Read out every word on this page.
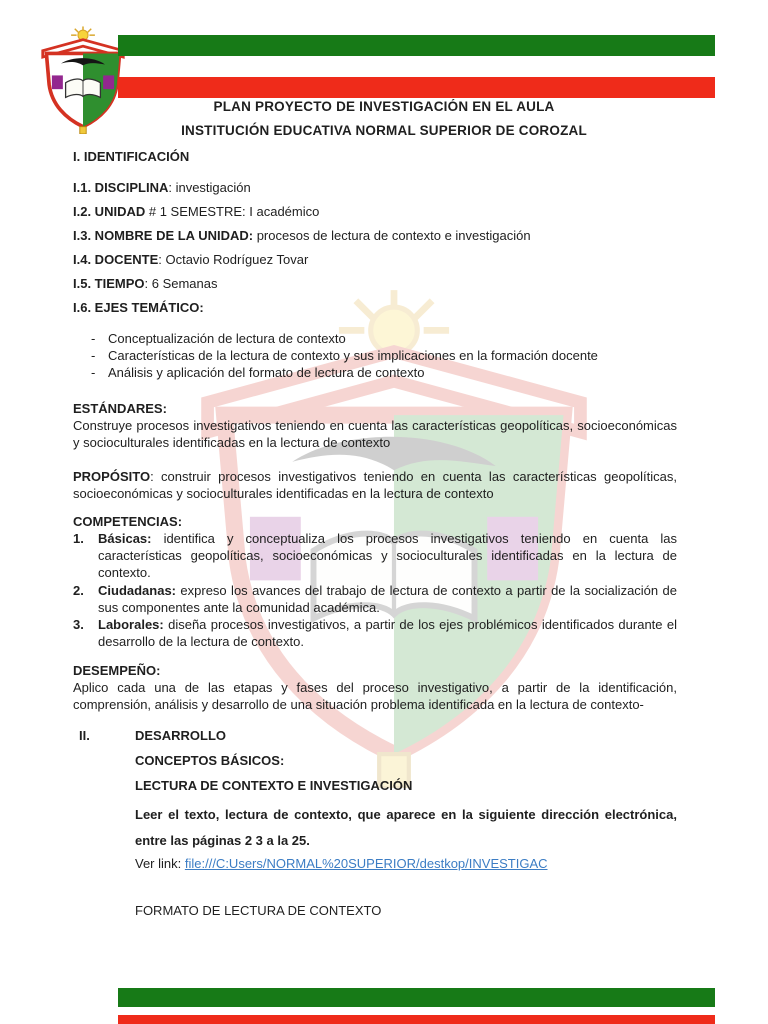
PLAN PROYECTO DE INVESTIGACIÓN EN EL AULA
INSTITUCIÓN EDUCATIVA NORMAL SUPERIOR DE COROZAL
I. IDENTIFICACIÓN
I.1. DISCIPLINA: investigación
I.2. UNIDAD # 1 SEMESTRE: I académico
I.3. NOMBRE DE LA UNIDAD: procesos de lectura de contexto e investigación
I.4. DOCENTE: Octavio Rodríguez Tovar
I.5. TIEMPO: 6 Semanas
I.6. EJES TEMÁTICO:
- Conceptualización de lectura de contexto
- Características de la lectura de contexto y sus implicaciones en la formación docente
- Análisis y aplicación del formato de lectura de contexto
ESTÁNDARES:
Construye procesos investigativos teniendo en cuenta las características geopolíticas, socioeconómicas y socioculturales identificadas en la lectura de contexto
PROPÓSITO: construir procesos investigativos teniendo en cuenta las características geopolíticas, socioeconómicas y socioculturales identificadas en la lectura de contexto
COMPETENCIAS:
1. Básicas: identifica y conceptualiza los procesos investigativos teniendo en cuenta las características geopolíticas, socioeconómicas y socioculturales identificadas en la lectura de contexto.
2. Ciudadanas: expreso los avances del trabajo de lectura de contexto a partir de la socialización de sus componentes ante la comunidad académica.
3. Laborales: diseña procesos investigativos, a partir de los ejes problémicos identificados durante el desarrollo de la lectura de contexto.
DESEMPEÑO:
Aplico cada una de las etapas y fases del proceso investigativo, a partir de la identificación, comprensión, análisis y desarrollo de una situación problema identificada en la lectura de contexto-
II.	DESARROLLO
CONCEPTOS BÁSICOS:
LECTURA DE CONTEXTO E INVESTIGACIÓN
Leer el texto, lectura de contexto, que aparece en la siguiente dirección electrónica, entre las páginas 2 3 a la 25.
Ver link: file:///C:Users/NORMAL%20SUPERIOR/destkop/INVESTIGAC
FORMATO DE LECTURA DE CONTEXTO
